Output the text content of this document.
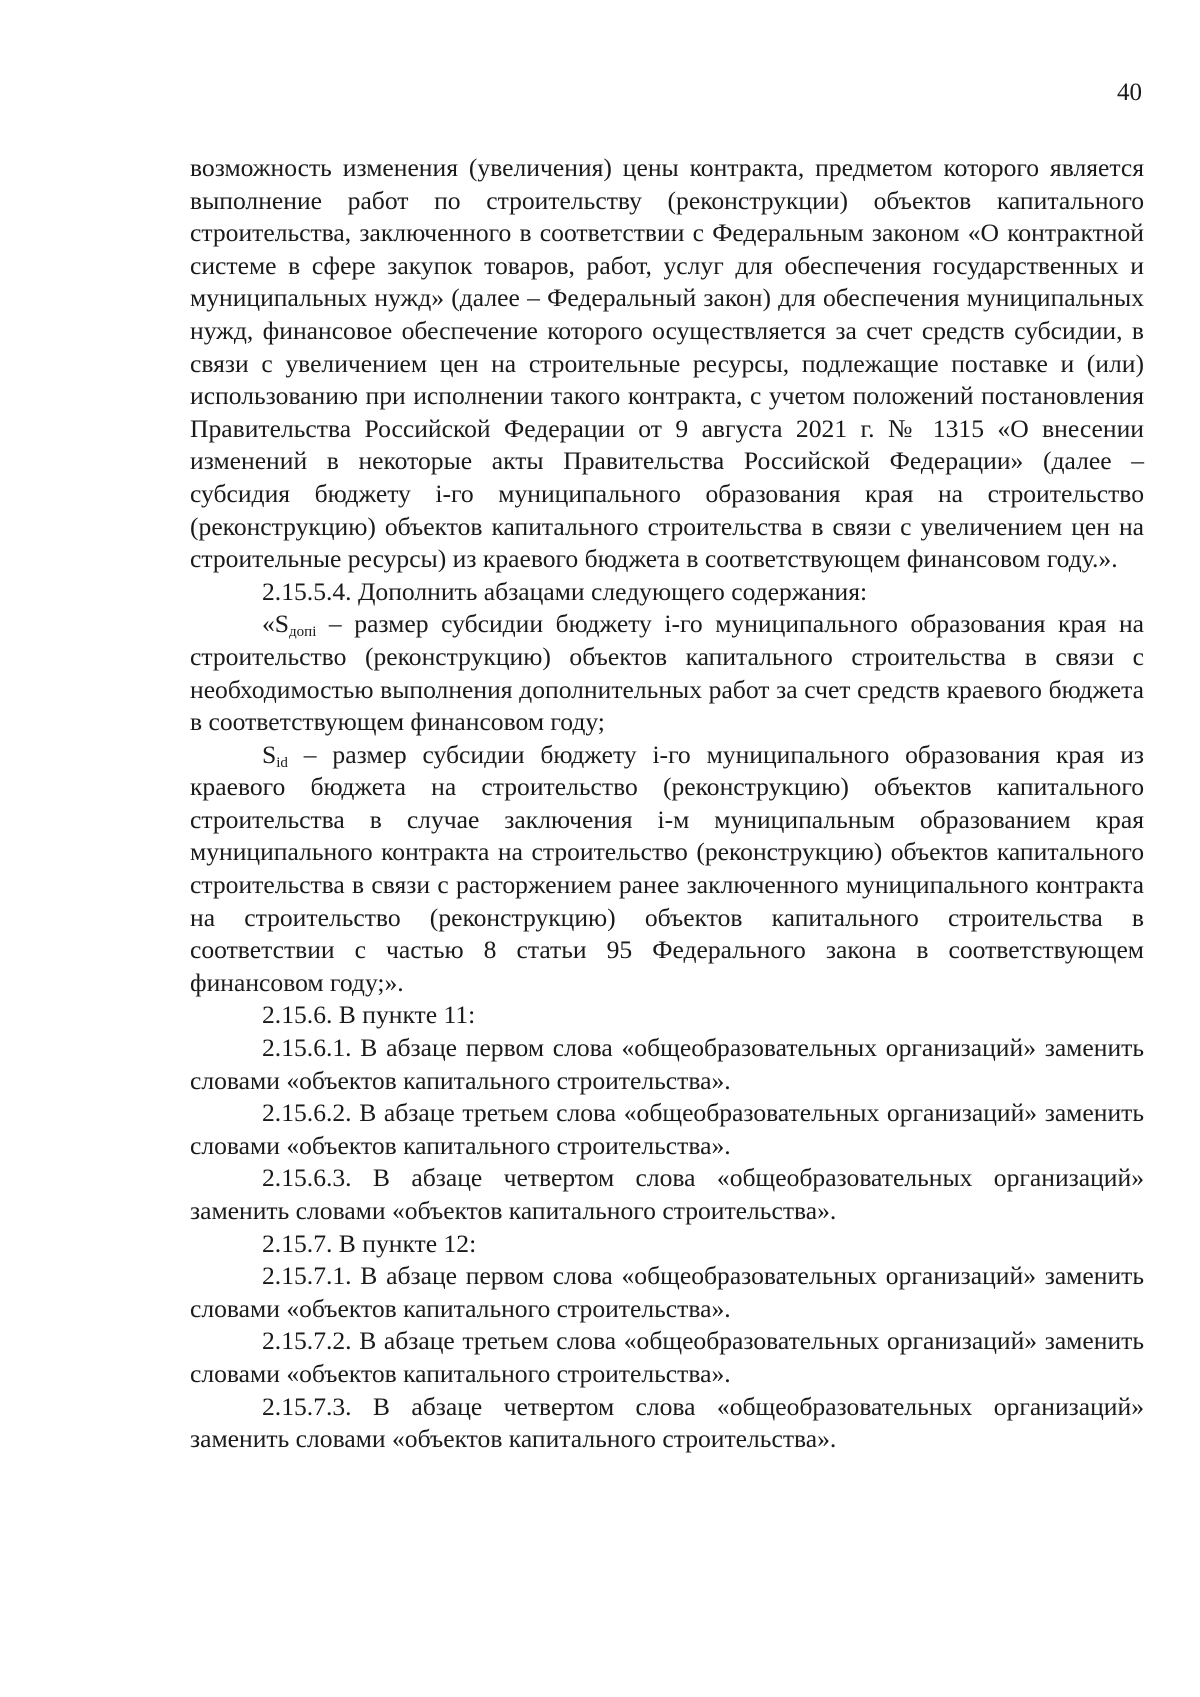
40

возможность изменения (увеличения) цены контракта, предметом которого является выполнение работ по строительству (реконструкции) объектов капитального строительства, заключенного в соответствии с Федеральным законом «О контрактной системе в сфере закупок товаров, работ, услуг для обеспечения государственных и муниципальных нужд» (далее – Федеральный закон) для обеспечения муниципальных нужд, финансовое обеспечение которого осуществляется за счет средств субсидии, в связи с увеличением цен на строительные ресурсы, подлежащие поставке и (или) использованию при исполнении такого контракта, с учетом положений постановления Правительства Российской Федерации от 9 августа 2021 г. № 1315 «О внесении изменений в некоторые акты Правительства Российской Федерации» (далее – субсидия бюджету i-го муниципального образования края на строительство (реконструкцию) объектов капитального строительства в связи с увеличением цен на строительные ресурсы) из краевого бюджета в соответствующем финансовом году.».

2.15.5.4. Дополнить абзацами следующего содержания:

«$S_{допi}$ – размер субсидии бюджету i-го муниципального образования края на строительство (реконструкцию) объектов капитального строительства в связи с необходимостью выполнения дополнительных работ за счет средств краевого бюджета в соответствующем финансовом году;

$S_{id}$ – размер субсидии бюджету i-го муниципального образования края из краевого бюджета на строительство (реконструкцию) объектов капитального строительства в случае заключения i-м муниципальным образованием края муниципального контракта на строительство (реконструкцию) объектов капитального строительства в связи с расторжением ранее заключенного муниципального контракта на строительство (реконструкцию) объектов капитального строительства в соответствии с частью 8 статьи 95 Федерального закона в соответствующем финансовом году;».

2.15.6. В пункте 11:

2.15.6.1. В абзаце первом слова «общеобразовательных организаций» заменить словами «объектов капитального строительства».

2.15.6.2. В абзаце третьем слова «общеобразовательных организаций» заменить словами «объектов капитального строительства».

2.15.6.3. В абзаце четвертом слова «общеобразовательных организаций» заменить словами «объектов капитального строительства».

2.15.7. В пункте 12:

2.15.7.1. В абзаце первом слова «общеобразовательных организаций» заменить словами «объектов капитального строительства».

2.15.7.2. В абзаце третьем слова «общеобразовательных организаций» заменить словами «объектов капитального строительства».

2.15.7.3. В абзаце четвертом слова «общеобразовательных организаций» заменить словами «объектов капитального строительства».
